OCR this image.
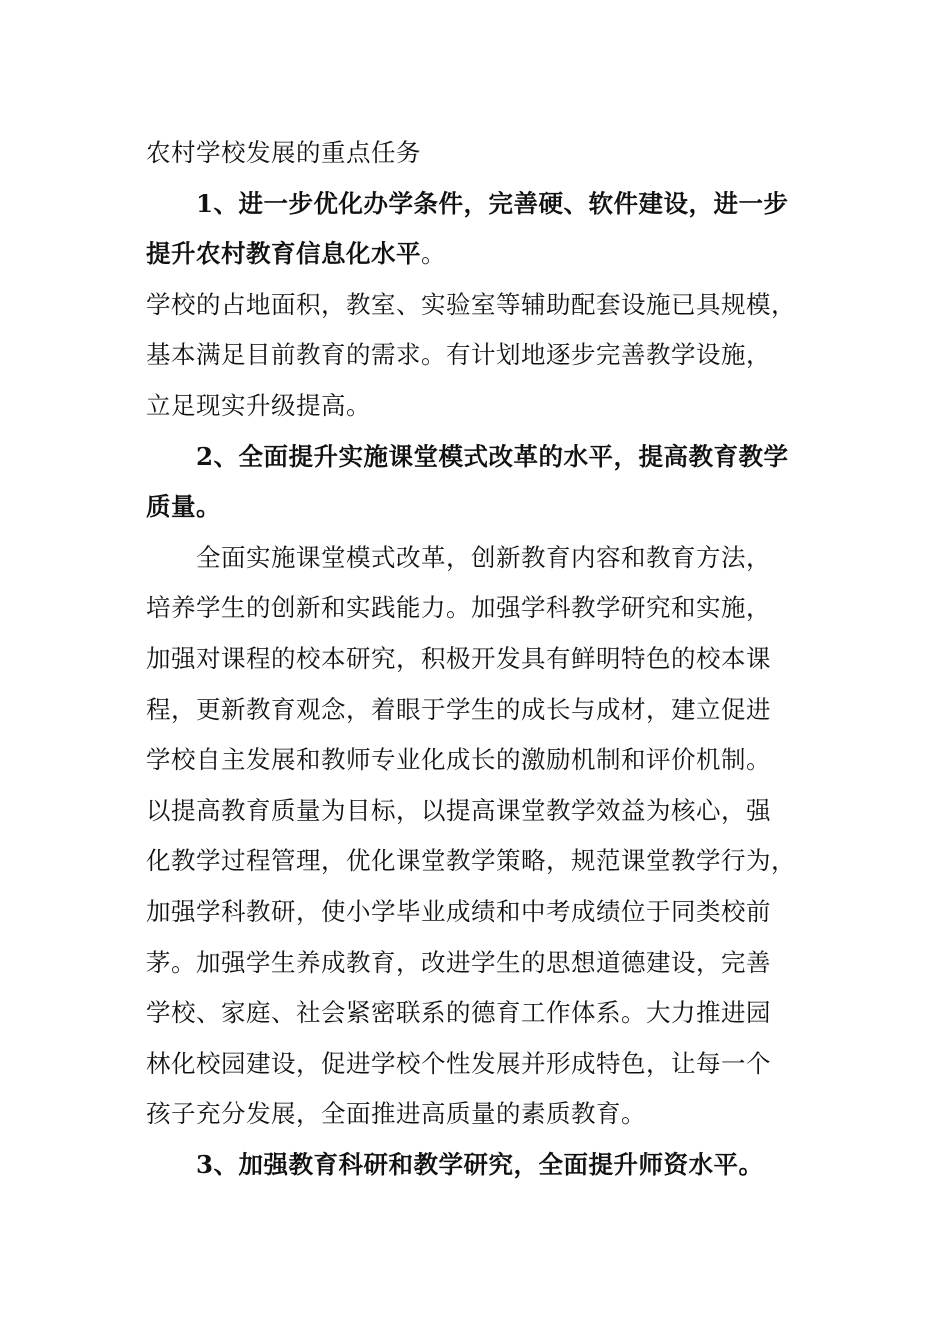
农村学校发展的重点任务
1、进一步优化办学条件，完善硬、软件建设，进一步
提升农村教育信息化水平。
学校的占地面积，教室、实验室等辅助配套设施已具规模，
基本满足目前教育的需求。有计划地逐步完善教学设施，
立足现实升级提高。
2、全面提升实施课堂模式改革的水平，提高教育教学
质量。
全面实施课堂模式改革，创新教育内容和教育方法，
培养学生的创新和实践能力。加强学科教学研究和实施，
加强对课程的校本研究，积极开发具有鲜明特色的校本课
程，更新教育观念，着眼于学生的成长与成材，建立促进
学校自主发展和教师专业化成长的激励机制和评价机制。
以提高教育质量为目标，以提高课堂教学效益为核心，强
化教学过程管理，优化课堂教学策略，规范课堂教学行为，
加强学科教研，使小学毕业成绩和中考成绩位于同类校前
茅。加强学生养成教育，改进学生的思想道德建设，完善
学校、家庭、社会紧密联系的德育工作体系。大力推进园
林化校园建设，促进学校个性发展并形成特色，让每一个
孩子充分发展，全面推进高质量的素质教育。
3、加强教育科研和教学研究，全面提升师资水平。
